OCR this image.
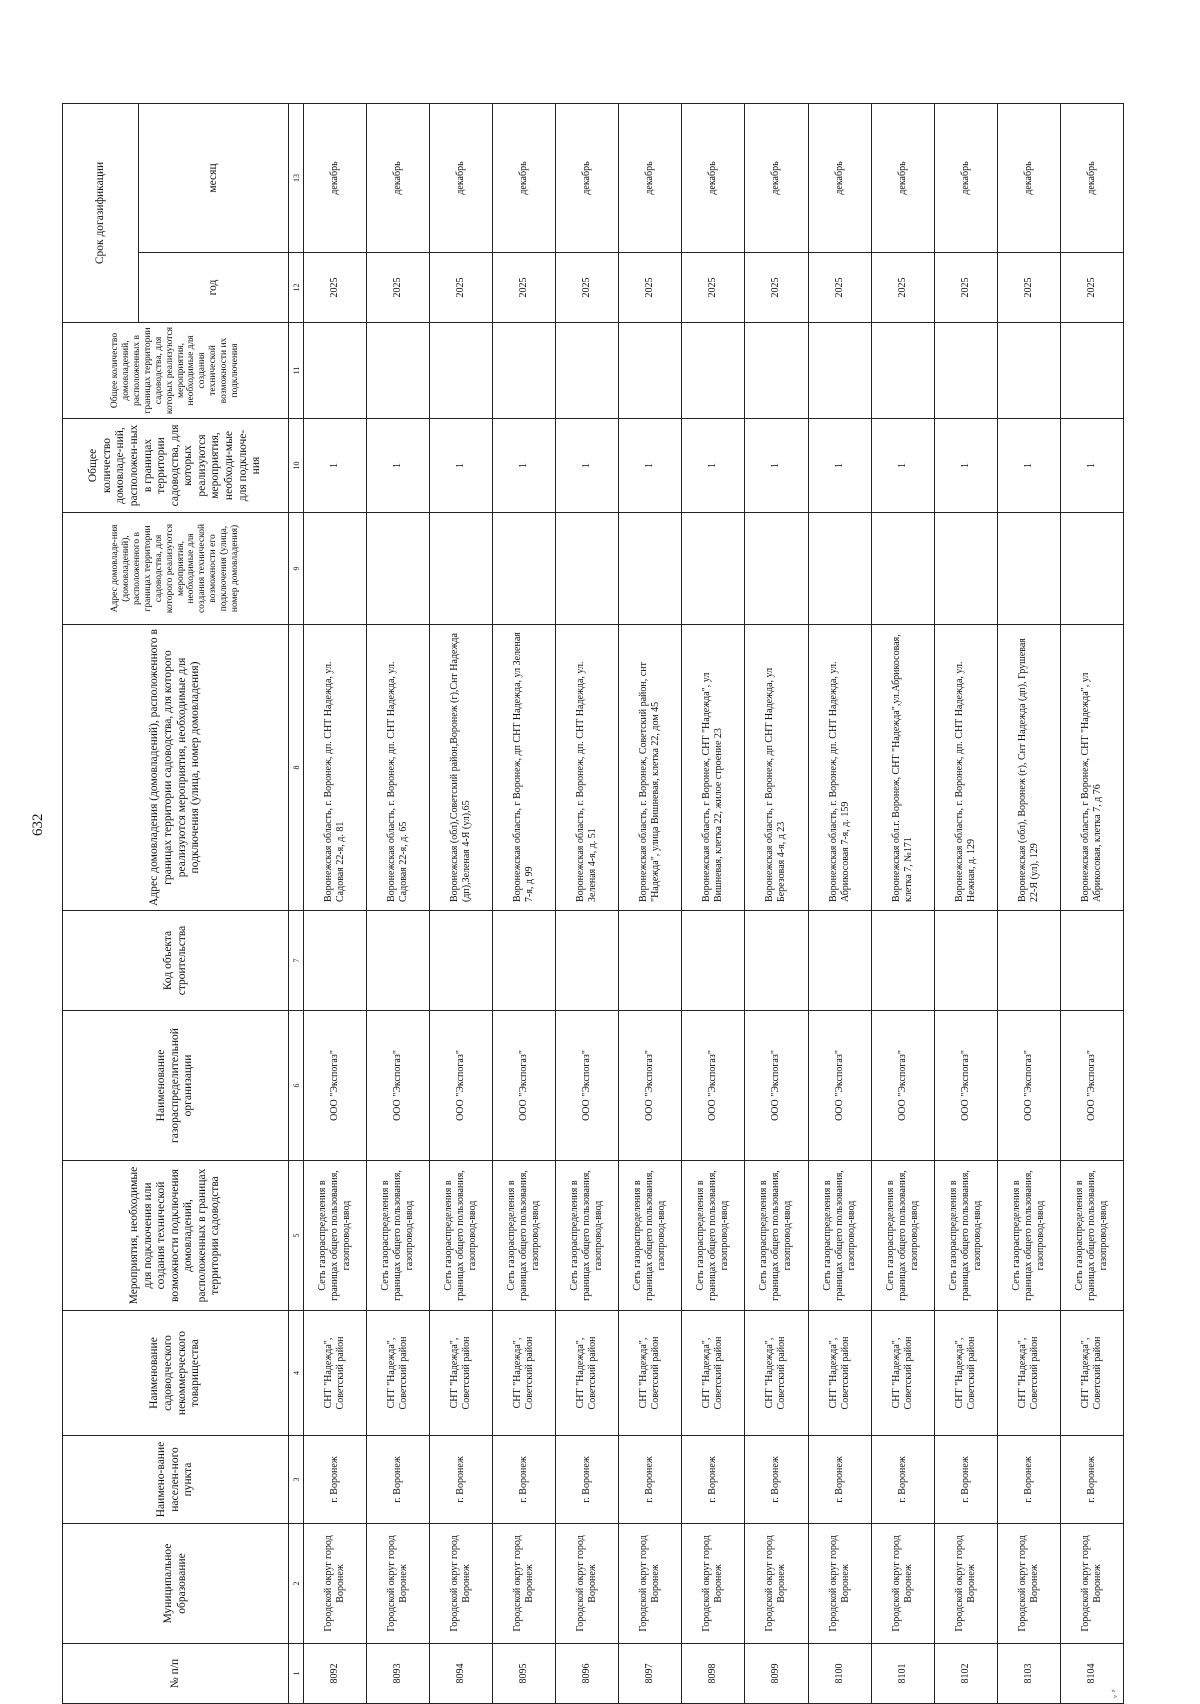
632
№ п/п	Муниципальное образование	Наимено-вание населен-ного пункта	Наименование садоводческого некоммерческого товарищества	Мероприятия, необходимые для подключения или создания технической возможности подключения домовладений, расположенных в границах территории садоводства	Наименование газораспределительной организации	Код объекта строительства	Адрес домовладения (домовладений), расположенного в границах территории садоводства, для которого реализуются мероприятия, необходимые для подключения (улица, номер домовладения)	Адрес домовладе-ния (домовладений), расположенного в границах территории садоводства, для которого реализуются мероприятия, необходимые для создания технической возможности его подключения (улица, номер домовладения)	Общее количество домовладе-ний, расположен-ных в границах территории садоводства, для которых реализуются мероприятия, необходи-мые для подключе-ния	Общее количество домовладений, расположенных в границах территории садоводства, для которых реализуются мероприятия, необходимые для создания технической возможности их подключения	Срок догазификации	
											год	месяц
ᵥ ⸗

1	2	3	4	5	6	7	8	9	10	11	12	13
8092	Городской округ город Воронеж	г. Воронеж	СНТ "Надежда", Советский район	Сеть газораспределения в границах общего пользования, газопровод-ввод	ООО "Экспогаз"		Воронежская область, г. Воронеж, дп. СНТ Надежда, ул. Садовая 22-я, д. 81		1		2025	декабрь
8093	Городской округ город Воронеж	г. Воронеж	СНТ "Надежда", Советский район	Сеть газораспределения в границах общего пользования, газопровод-ввод	ООО "Экспогаз"		Воронежская область, г. Воронеж, дп. СНТ Надежда, ул. Садовая 22-я, д. 65		1		2025	декабрь
8094	Городской округ город Воронеж	г. Воронеж	СНТ "Надежда", Советский район	Сеть газораспределения в границах общего пользования, газопровод-ввод	ООО "Экспогаз"		Воронежская (обл),Советский район,Воронеж (г),Снт Надежда (дп),Зеленая 4-Я (ул),65		1		2025	декабрь
8095	Городской округ город Воронеж	г. Воронеж	СНТ "Надежда", Советский район	Сеть газораспределения в границах общего пользования, газопровод-ввод	ООО "Экспогаз"		Воронежская область, г Воронеж, дп СНТ Надежда, ул Зеленая 7-я, д 99		1		2025	декабрь
8096	Городской округ город Воронеж	г. Воронеж	СНТ "Надежда", Советский район	Сеть газораспределения в границах общего пользования, газопровод-ввод	ООО "Экспогаз"		Воронежская область, г. Воронеж, дп. СНТ Надежда, ул. Зеленая 4-я, д. 51		1		2025	декабрь
8097	Городской округ город Воронеж	г. Воронеж	СНТ "Надежда", Советский район	Сеть газораспределения в границах общего пользования, газопровод-ввод	ООО "Экспогаз"		Воронежская область, г. Воронеж, Советский район, снт "Надежда", улица Вишневая, клетка 22, дом 45		1		2025	декабрь
8098	Городской округ город Воронеж	г. Воронеж	СНТ "Надежда", Советский район	Сеть газораспределения в границах общего пользования, газопровод-ввод	ООО "Экспогаз"		Воронежская область, г Воронеж, СНТ "Надежда", ул Вишневая, клетка 22, жилое строение 23		1		2025	декабрь
8099	Городской округ город Воронеж	г. Воронеж	СНТ "Надежда", Советский район	Сеть газораспределения в границах общего пользования, газопровод-ввод	ООО "Экспогаз"		Воронежская область, г Воронеж, дп СНТ Надежда, ул Березовая 4-я, д 23		1		2025	декабрь
8100	Городской округ город Воронеж	г. Воронеж	СНТ "Надежда", Советский район	Сеть газораспределения в границах общего пользования, газопровод-ввод	ООО "Экспогаз"		Воронежская область, г. Воронеж, дп. СНТ Надежда, ул. Абрикосовая 7-я, д. 159		1		2025	декабрь
8101	Городской округ город Воронеж	г. Воронеж	СНТ "Надежда", Советский район	Сеть газораспределения в границах общего пользования, газопровод-ввод	ООО "Экспогаз"		Воронежская обл.г. Воронеж, СНТ "Надежда",ул.Абрикосовая, клетка 7, №171		1		2025	декабрь
8102	Городской округ город Воронеж	г. Воронеж	СНТ "Надежда", Советский район	Сеть газораспределения в границах общего пользования, газопровод-ввод	ООО "Экспогаз"		Воронежская область, г. Воронеж, дп. СНТ Надежда, ул. Нежная, д. 129		1		2025	декабрь
8103	Городской округ город Воронеж	г. Воронеж	СНТ "Надежда", Советский район	Сеть газораспределения в границах общего пользования, газопровод-ввод	ООО "Экспогаз"		Воронежская (обл), Воронеж (г), Снт Надежда (дп), Грушевая 22-Я (ул), 129		1		2025	декабрь
8104	Городской округ город Воронеж	г. Воронеж	СНТ "Надежда", Советский район	Сеть газораспределения в границах общего пользования, газопровод-ввод	ООО "Экспогаз"		Воронежская область, г Воронеж, СНТ "Надежда", ул Абрикосовая, клетка 7, д 76		1		2025	декабрь
